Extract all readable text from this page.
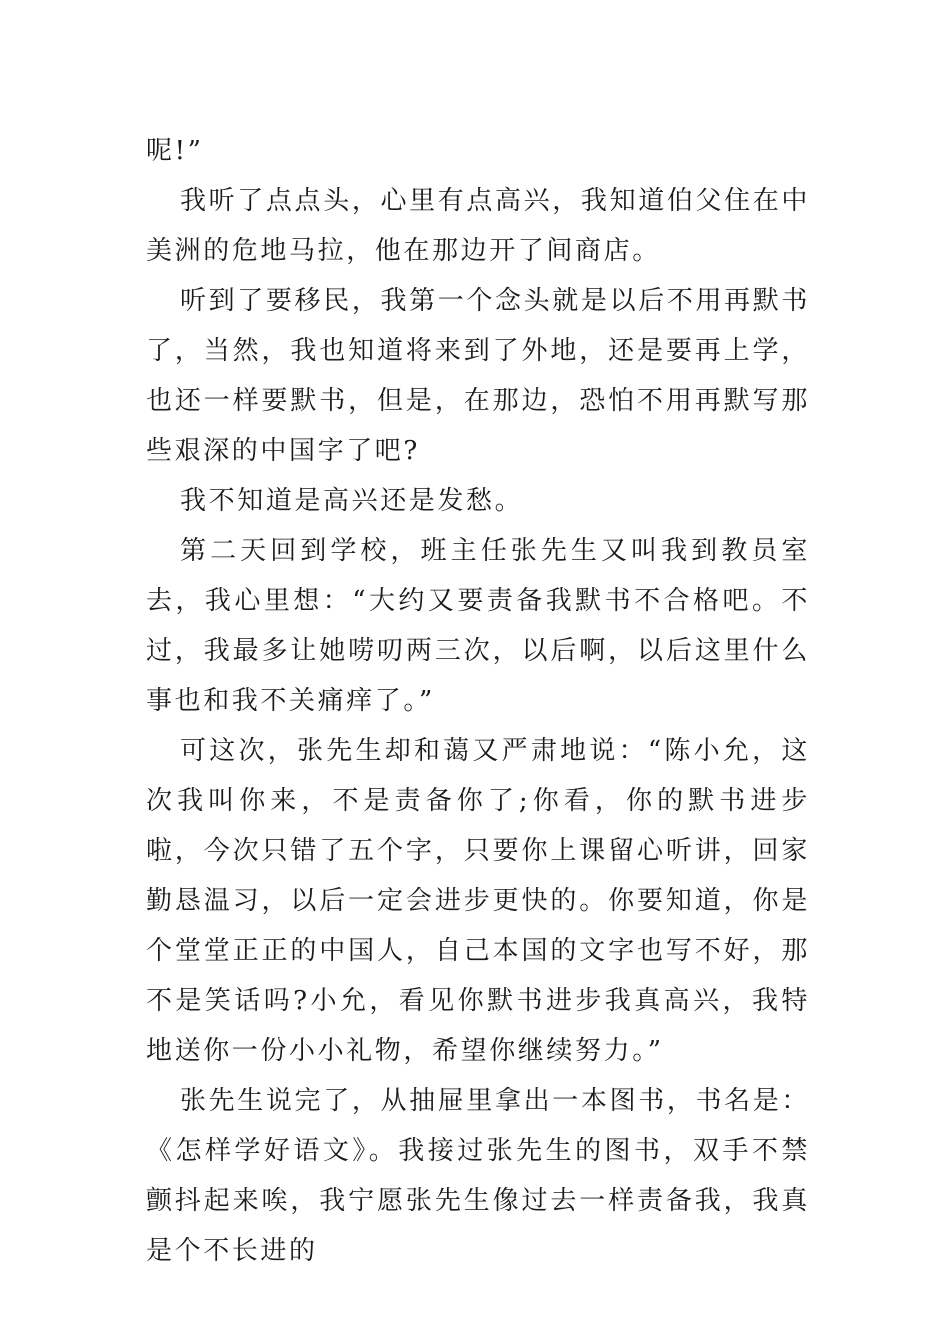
呢!”

我听了点点头，心里有点高兴，我知道伯父住在中美洲的危地马拉，他在那边开了间商店。

听到了要移民，我第一个念头就是以后不用再默书了，当然，我也知道将来到了外地，还是要再上学，也还一样要默书，但是，在那边，恐怕不用再默写那些艰深的中国字了吧?

我不知道是高兴还是发愁。

第二天回到学校，班主任张先生又叫我到教员室去，我心里想：“大约又要责备我默书不合格吧。不过，我最多让她唠叨两三次，以后啊，以后这里什么事也和我不关痛痒了。”

可这次，张先生却和蔼又严肃地说：“陈小允，这次我叫你来，不是责备你了;你看，你的默书进步啦，今次只错了五个字，只要你上课留心听讲，回家勤恳温习，以后一定会进步更快的。你要知道，你是个堂堂正正的中国人，自己本国的文字也写不好，那不是笑话吗?小允，看见你默书进步我真高兴，我特地送你一份小小礼物，希望你继续努力。”

张先生说完了，从抽屉里拿出一本图书，书名是：《怎样学好语文》。我接过张先生的图书，双手不禁颤抖起来唉，我宁愿张先生像过去一样责备我，我真是个不长进的
